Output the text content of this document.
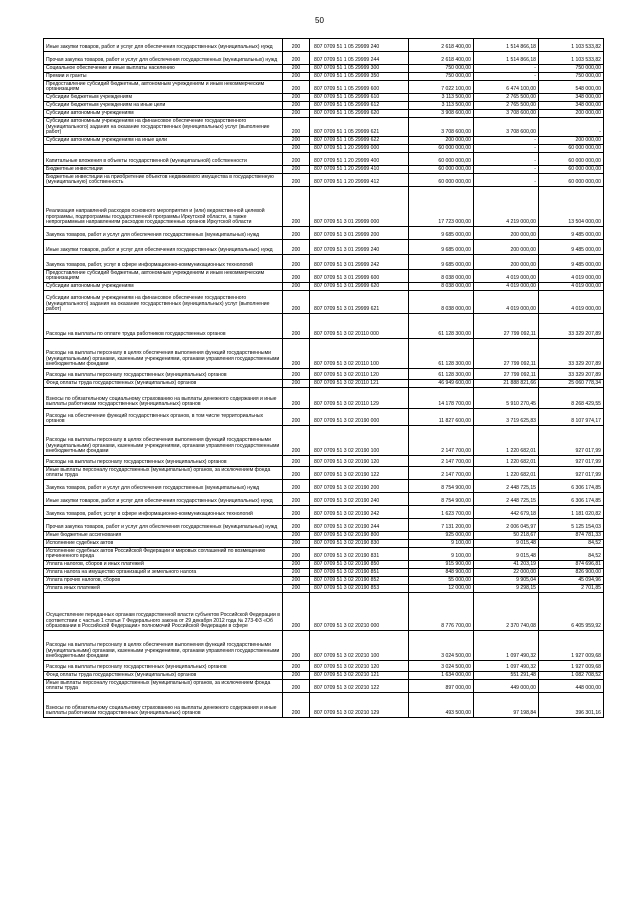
50
Иные закупки товаров, работ и услуг для обеспечения государственных (муниципальных) нужд	200	807 0709 51 1 05 29999 240	2 618 400,00	1 514 866,18	1 103 533,82
Прочая закупка товаров, работ и услуг для обеспечения государственных (муниципальных) нужд	200	807 0709 51 1 05 29999 244	2 618 400,00	1 514 866,18	1 103 533,82
Социальное обеспечение и иные выплаты населению	200	807 0709 51 1 05 29999 300	750 000,00	-	750 000,00
Премии и гранты	200	807 0709 51 1 05 29999 350	750 000,00	-	750 000,00
Предоставление субсидий бюджетным, автономным учреждениям и иным некоммерческим организациям	200	807 0709 51 1 05 29999 600	7 022 100,00	6 474 100,00	548 000,00
Субсидии бюджетным учреждениям	200	807 0709 51 1 05 29999 610	3 113 500,00	2 765 500,00	348 000,00
Субсидии бюджетным учреждениям на иные цели	200	807 0709 51 1 05 29999 612	3 113 500,00	2 765 500,00	348 000,00
Субсидии автономным учреждениям	200	807 0709 51 1 05 29999 620	3 908 600,00	3 708 600,00	200 000,00
Субсидии автономным учреждениям на финансовое обеспечение государственного (муниципального) задания на оказание государственных (муниципальных) услуг (выполнение работ)	200	807 0709 51 1 05 29999 621	3 708 600,00	3 708 600,00	-
Субсидии автономным учреждениям на иные цели	200	807 0709 51 1 05 29999 622	200 000,00	-	200 000,00
	200	807 0709 51 1 20 29999 000	60 000 000,00	-	60 000 000,00
Капитальные вложения в объекты государственной (муниципальной) собственности	200	807 0709 51 1 20 29999 400	60 000 000,00	-	60 000 000,00
Бюджетные инвестиции	200	807 0709 51 1 20 29999 410	60 000 000,00	-	60 000 000,00
Бюджетные инвестиции на приобретение объектов недвижимого имущества в государственную (муниципальную) собственность	200	807 0709 51 1 20 29999 412	60 000 000,00	-	60 000 000,00
Реализация направлений расходов основного мероприятия и (или) ведомственной целевой программы, подпрограммы государственной программы Иркутской области, а также непрограммным направлениям расходов государственных органов Иркутской области	200	807 0709 51 3 01 29999 000	17 723 000,00	4 219 000,00	13 504 000,00
Закупка товаров, работ и услуг для обеспечения государственных (муниципальных) нужд	200	807 0709 51 3 01 29999 200	9 685 000,00	200 000,00	9 485 000,00
Иные закупки товаров, работ и услуг для обеспечения государственных (муниципальных) нужд	200	807 0709 51 3 01 29999 240	9 685 000,00	200 000,00	9 485 000,00
Закупка товаров, работ, услуг в сфере информационно-коммуникационных технологий	200	807 0709 51 3 01 29999 242	9 685 000,00	200 000,00	9 485 000,00
Предоставление субсидий бюджетным, автономным учреждениям и иным некоммерческим организациям	200	807 0709 51 3 01 29999 600	8 038 000,00	4 019 000,00	4 019 000,00
Субсидии автономным учреждениям	200	807 0709 51 3 01 29999 620	8 038 000,00	4 019 000,00	4 019 000,00
Субсидии автономным учреждениям на финансовое обеспечение государственного (муниципального) задания на оказание государственных (муниципальных) услуг (выполнение работ)	200	807 0709 51 3 01 29999 621	8 038 000,00	4 019 000,00	4 019 000,00
Расходы на выплаты по оплате труда работников государственных органов	200	807 0709 51 3 02 20110 000	61 128 300,00	27 799 092,11	33 329 207,89
Расходы на выплаты персоналу в целях обеспечения выполнения функций государственными (муниципальными) органами, казенными учреждениями, органами управления государственными внебюджетными фондами	200	807 0709 51 3 02 20110 100	61 128 300,00	27 799 092,11	33 329 207,89
Расходы на выплаты персоналу государственных (муниципальных) органов	200	807 0709 51 3 02 20110 120	61 128 300,00	27 799 092,11	33 329 207,89
Фонд оплаты труда государственных (муниципальных) органов	200	807 0709 51 3 02 20110 121	46 949 600,00	21 888 821,66	25 060 778,34
Взносы по обязательному социальному страхованию на выплаты денежного содержания и иные выплаты работникам государственных (муниципальных) органов	200	807 0709 51 3 02 20110 129	14 178 700,00	5 910 270,45	8 268 429,55
Расходы на обеспечение функций государственных органов, в том числе территориальных органов	200	807 0709 51 3 02 20190 000	11 827 600,00	3 719 625,83	8 107 974,17
Расходы на выплаты персоналу в целях обеспечения выполнения функций государственными (муниципальными) органами, казенными учреждениями, органами управления государственными внебюджетными фондами	200	807 0709 51 3 02 20190 100	2 147 700,00	1 220 682,01	927 017,99
Расходы на выплаты персоналу государственных (муниципальных) органов	200	807 0709 51 3 02 20190 120	2 147 700,00	1 220 682,01	927 017,99
Иные выплаты персоналу государственных (муниципальных) органов, за исключением фонда оплаты труда	200	807 0709 51 3 02 20190 122	2 147 700,00	1 220 682,01	927 017,99
Закупка товаров, работ и услуг для обеспечения государственных (муниципальных) нужд	200	807 0709 51 3 02 20190 200	8 754 900,00	2 448 725,15	6 306 174,85
Иные закупки товаров, работ и услуг для обеспечения государственных (муниципальных) нужд	200	807 0709 51 3 02 20190 240	8 754 900,00	2 448 725,15	6 306 174,85
Закупка товаров, работ, услуг в сфере информационно-коммуникационных технологий	200	807 0709 51 3 02 20190 242	1 623 700,00	442 679,18	1 181 020,82
Прочая закупка товаров, работ и услуг для обеспечения государственных (муниципальных) нужд	200	807 0709 51 3 02 20190 244	7 131 200,00	2 006 045,97	5 125 154,03
Иные бюджетные ассигнования	200	807 0709 51 3 02 20190 800	925 000,00	50 218,67	874 781,33
Исполнение судебных актов	200	807 0709 51 3 02 20190 830	9 100,00	9 015,48	84,52
Исполнение судебных актов Российской Федерации и мировых соглашений по возмещению причиненного вреда	200	807 0709 51 3 02 20190 831	9 100,00	9 015,48	84,52
Уплата налогов, сборов и иных платежей	200	807 0709 51 3 02 20190 850	915 900,00	41 203,19	874 696,81
Уплата налога на имущество организаций и земельного налога	200	807 0709 51 3 02 20190 851	848 900,00	22 000,00	826 900,00
Уплата прочих налогов, сборов	200	807 0709 51 3 02 20190 852	55 000,00	9 905,04	45 094,96
Уплата иных платежей	200	807 0709 51 3 02 20190 853	12 000,00	9 298,15	2 701,85
Осуществление переданных органам государственной власти субъектов Российской Федерации в соответствии с частью 1 статьи 7 Федерального закона от 29 декабря 2012 года № 273-ФЗ «Об образовании в Российской Федерации» полномочий Российской Федерации в сфере	200	807 0709 51 3 02 20210 000	8 776 700,00	2 370 740,08	6 405 959,92
Расходы на выплаты персоналу в целях обеспечения выполнения функций государственными (муниципальными) органами, казенными учреждениями, органами управления государственными внебюджетными фондами	200	807 0709 51 3 02 20210 100	3 024 500,00	1 097 490,32	1 927 009,68
Расходы на выплаты персоналу государственных (муниципальных) органов	200	807 0709 51 3 02 20210 120	3 024 500,00	1 097 490,32	1 927 009,68
Фонд оплаты труда государственных (муниципальных) органов	200	807 0709 51 3 02 20210 121	1 634 000,00	551 291,48	1 082 708,52
Иные выплаты персоналу государственных (муниципальных) органов, за исключением фонда оплаты труда	200	807 0709 51 3 02 20210 122	897 000,00	449 000,00	448 000,00
Взносы по обязательному социальному страхованию на выплаты денежного содержания и иные выплаты работникам государственных (муниципальных) органов	200	807 0709 51 3 02 20210 129	493 500,00	97 198,84	396 301,16
